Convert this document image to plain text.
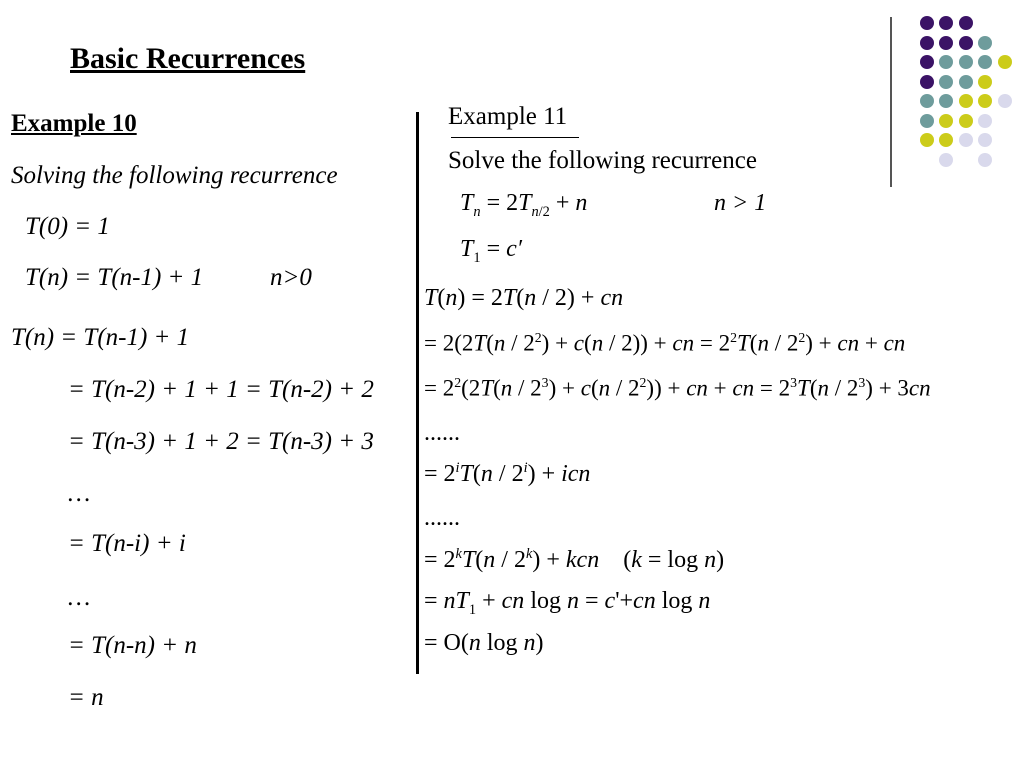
Basic Recurrences
Example 10
Solving the following recurrence
T(0) = 1
T(n) = T(n-1) + 1	n>0
T(n) = T(n-1) + 1
= T(n-2) + 1 + 1 = T(n-2) + 2
= T(n-3) + 1 + 2 = T(n-3) + 3
…
= T(n-i) + i
…
= T(n-n) + n
= n
Example 11
Solve the following recurrence
$T_n = 2T_{n/2} + n$	n > 1
$T_1 = c'$
T(n) = 2T(n / 2) + cn
= $2(2T(n / 2^2) + c(n / 2))$ + cn = $2^2T(n / 2^2)$ + cn + cn
= $2^2(2T(n / 2^3) + c(n / 2^2))$ + cn + cn = $2^3T(n / 2^3) + 3cn$
......
= $2^iT(n / 2^i)$ + icn
......
= $2^kT(n / 2^k)$ + kcn    (k = log n)
= $nT_1$ + cn log n = c'+cn log n
= O(n log n)
